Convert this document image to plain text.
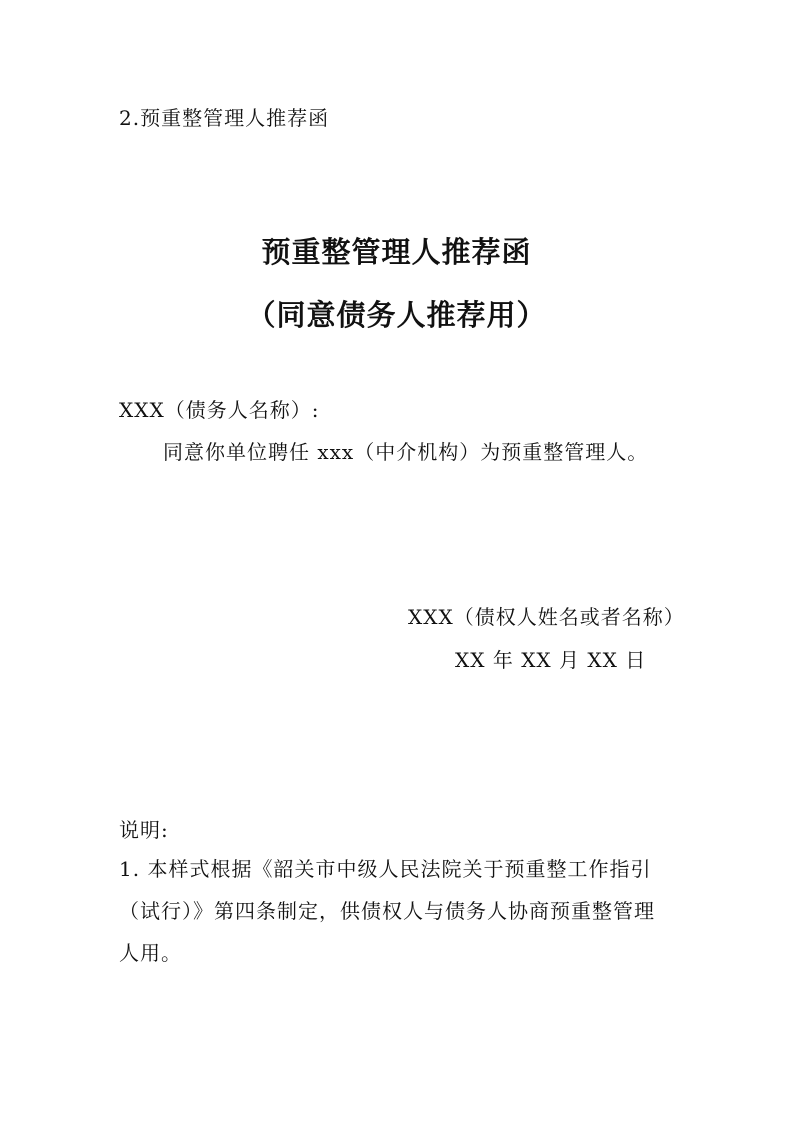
2.预重整管理人推荐函
预重整管理人推荐函
（同意债务人推荐用）
XXX（债务人名称）:
同意你单位聘任 xxx（中介机构）为预重整管理人。
XXX（债权人姓名或者名称）
XX 年 XX 月 XX 日
说明:
1. 本样式根据《韶关市中级人民法院关于预重整工作指引
（试行）》第四条制定，供债权人与债务人协商预重整管理
人用。
